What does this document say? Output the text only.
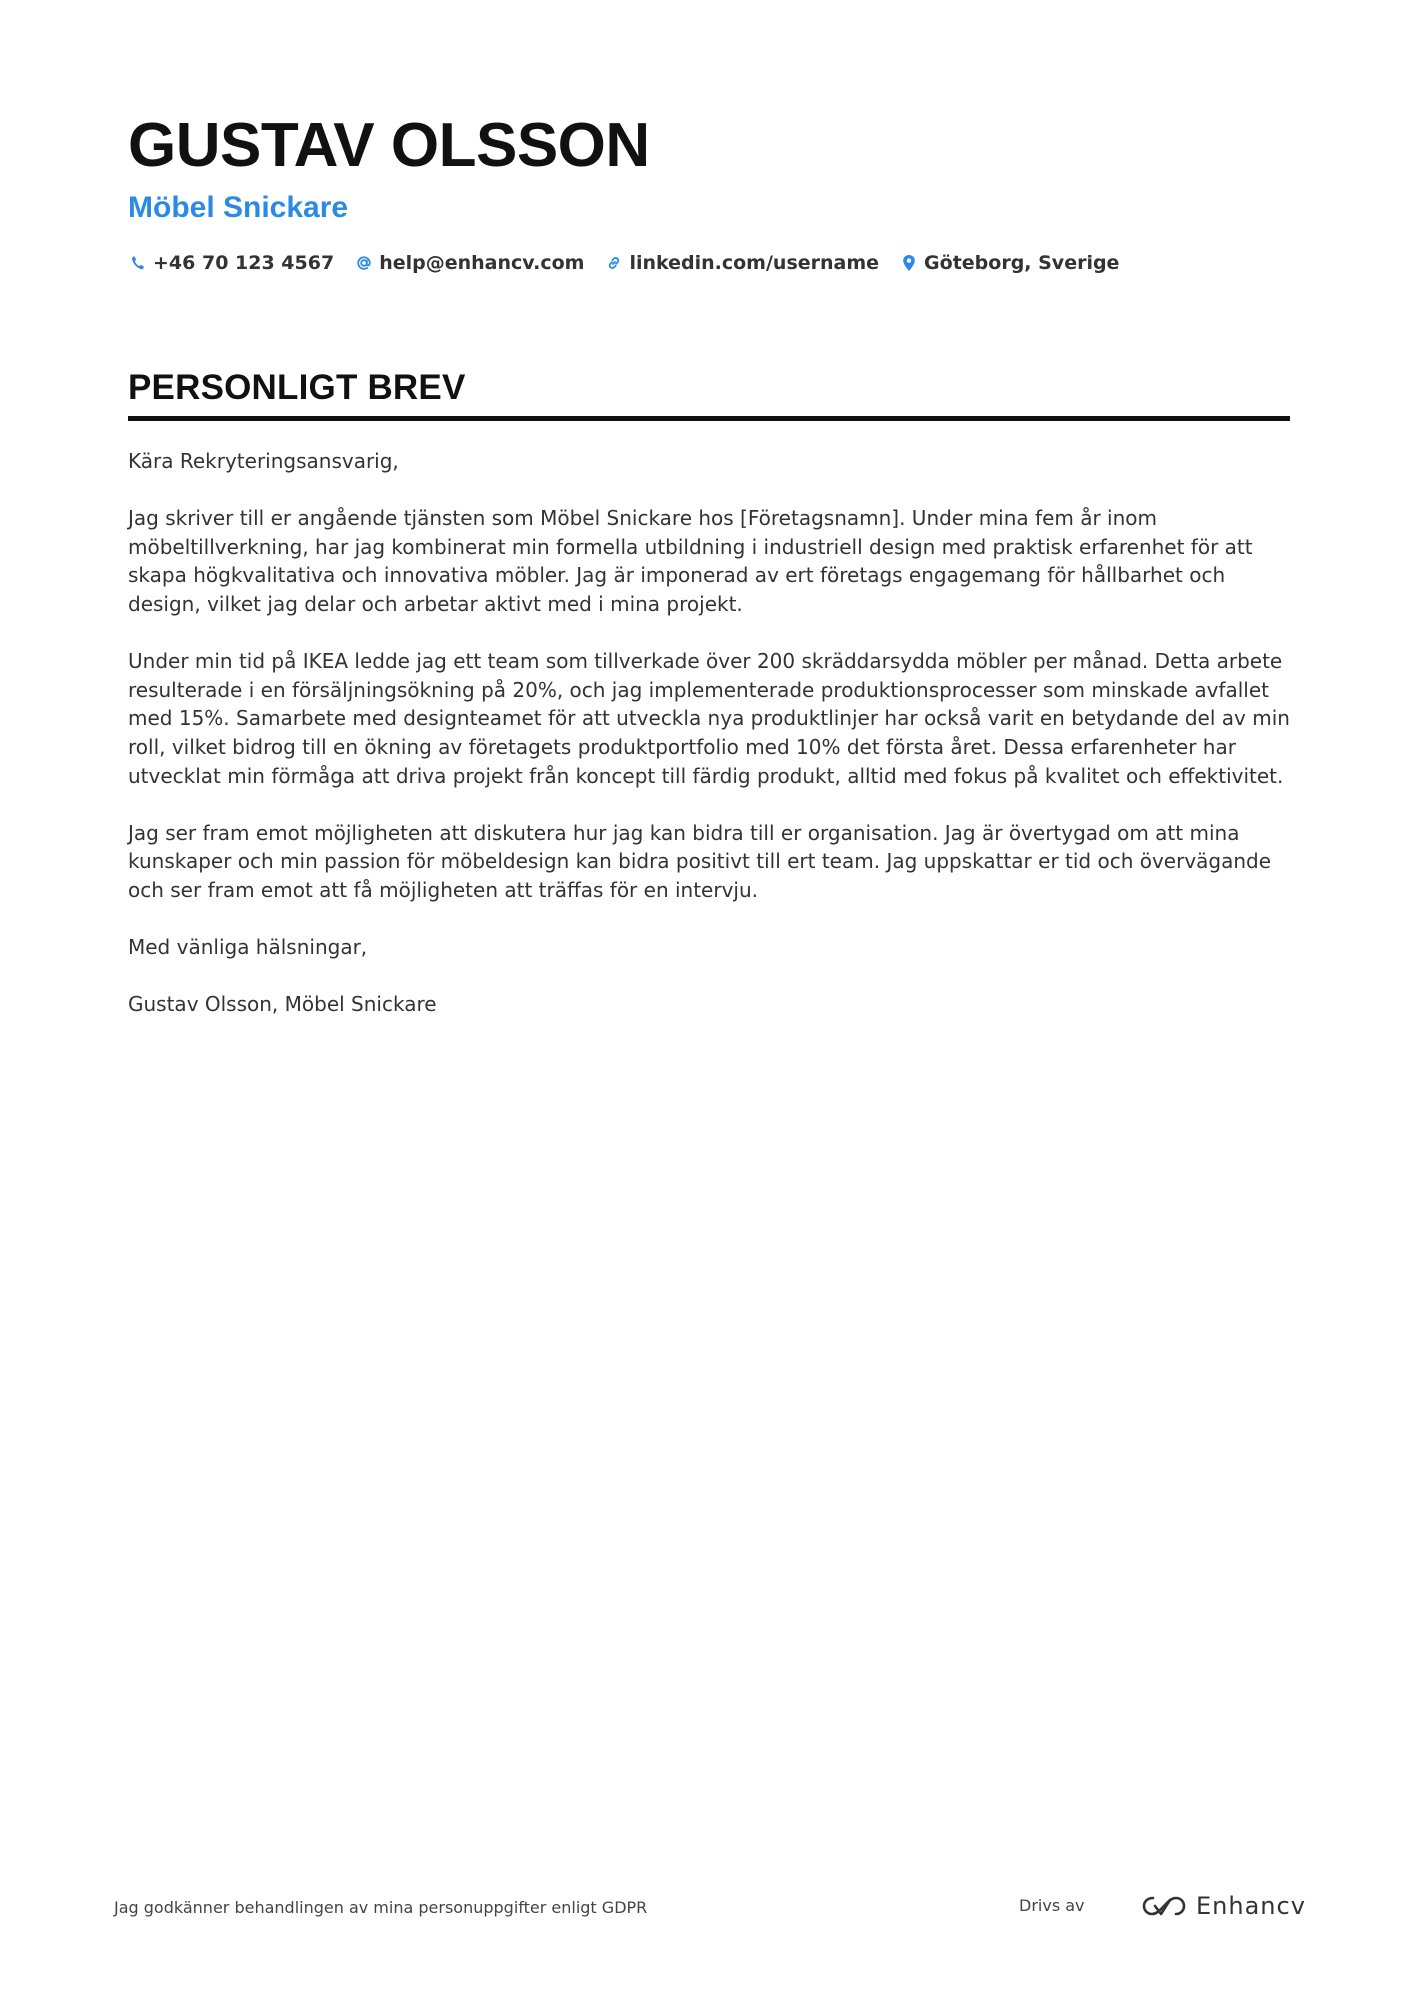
GUSTAV OLSSON
Möbel Snickare
+46 70 123 4567 help@enhancv.com linkedin.com/username Göteborg, Sverige
PERSONLIGT BREV

Kära Rekryteringsansvarig,

Jag skriver till er angående tjänsten som Möbel Snickare hos [Företagsnamn]. Under mina fem år inom möbeltillverkning, har jag kombinerat min formella utbildning i industriell design med praktisk erfarenhet för att skapa högkvalitativa och innovativa möbler. Jag är imponerad av ert företags engagemang för hållbarhet och design, vilket jag delar och arbetar aktivt med i mina projekt.

Under min tid på IKEA ledde jag ett team som tillverkade över 200 skräddarsydda möbler per månad. Detta arbete resulterade i en försäljningsökning på 20%, och jag implementerade produktionsprocesser som minskade avfallet med 15%. Samarbete med designteamet för att utveckla nya produktlinjer har också varit en betydande del av min roll, vilket bidrog till en ökning av företagets produktportfolio med 10% det första året. Dessa erfarenheter har utvecklat min förmåga att driva projekt från koncept till färdig produkt, alltid med fokus på kvalitet och effektivitet.

Jag ser fram emot möjligheten att diskutera hur jag kan bidra till er organisation. Jag är övertygad om att mina kunskaper och min passion för möbeldesign kan bidra positivt till ert team. Jag uppskattar er tid och övervägande och ser fram emot att få möjligheten att träffas för en intervju.

Med vänliga hälsningar,

Gustav Olsson, Möbel Snickare

Jag godkänner behandlingen av mina personuppgifter enligt GDPR	Drivs av	Enhancv
